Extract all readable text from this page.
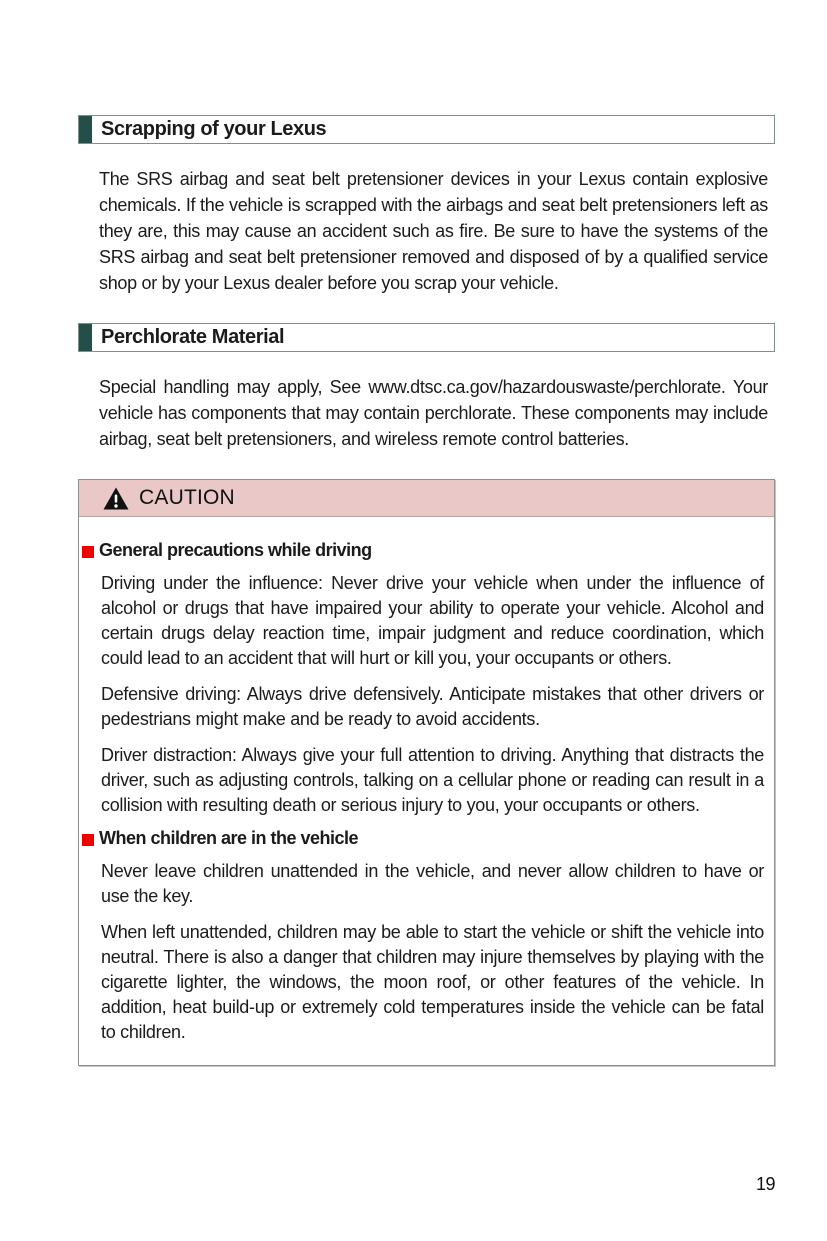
Scrapping of your Lexus

The SRS airbag and seat belt pretensioner devices in your Lexus contain explosive chemicals. If the vehicle is scrapped with the airbags and seat belt pretensioners left as they are, this may cause an accident such as fire. Be sure to have the systems of the SRS airbag and seat belt pretensioner removed and disposed of by a qualified service shop or by your Lexus dealer before you scrap your vehicle.

Perchlorate Material

Special handling may apply, See www.dtsc.ca.gov/hazardouswaste/perchlorate. Your vehicle has components that may contain perchlorate. These components may include airbag, seat belt pretensioners, and wireless remote control batteries.

CAUTION
General precautions while driving

Driving under the influence: Never drive your vehicle when under the influence of alcohol or drugs that have impaired your ability to operate your vehicle. Alcohol and certain drugs delay reaction time, impair judgment and reduce coordination, which could lead to an accident that will hurt or kill you, your occupants or others.

Defensive driving: Always drive defensively. Anticipate mistakes that other drivers or pedestrians might make and be ready to avoid accidents.

Driver distraction: Always give your full attention to driving. Anything that distracts the driver, such as adjusting controls, talking on a cellular phone or reading can result in a collision with resulting death or serious injury to you, your occupants or others.

When children are in the vehicle

Never leave children unattended in the vehicle, and never allow children to have or use the key.

When left unattended, children may be able to start the vehicle or shift the vehicle into neutral. There is also a danger that children may injure themselves by playing with the cigarette lighter, the windows, the moon roof, or other features of the vehicle. In addition, heat build-up or extremely cold temperatures inside the vehicle can be fatal to children.

19
